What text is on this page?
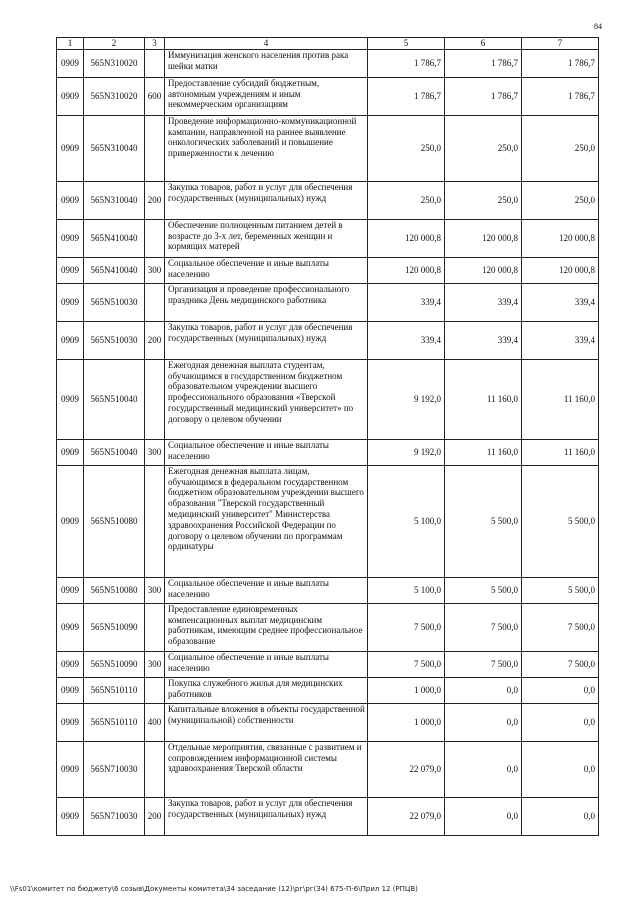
84
1	2	3	4	5	6	7
0909	565N310020		Иммунизация женского населения против рака шейки матки	1 786,7	1 786,7	1 786,7
0909	565N310020	600	Предоставление субсидий бюджетным, автономным учреждениям и иным некоммерческим организациям	1 786,7	1 786,7	1 786,7
0909	565N310040		Проведение информационно-коммуникационной кампании, направленной на раннее выявление онкологических заболеваний и повышение приверженности к лечению	250,0	250,0	250,0
0909	565N310040	200	Закупка товаров, работ и услуг для обеспечения государственных (муниципальных) нужд	250,0	250,0	250,0
0909	565N410040		Обеспечение полноценным питанием детей в возрасте до 3-х лет, беременных женщин и кормящих матерей	120 000,8	120 000,8	120 000,8
0909	565N410040	300	Социальное обеспечение и иные выплаты населению	120 000,8	120 000,8	120 000,8
0909	565N510030		Организация и проведение профессионального праздника День медицинского работника	339,4	339,4	339,4
0909	565N510030	200	Закупка товаров, работ и услуг для обеспечения государственных (муниципальных) нужд	339,4	339,4	339,4
0909	565N510040		Ежегодная денежная выплата студентам, обучающимся в государственном бюджетном образовательном учреждении высшего профессионального образования «Тверской государственный медицинский университет» по договору о целевом обучении	9 192,0	11 160,0	11 160,0
0909	565N510040	300	Социальное обеспечение и иные выплаты населению	9 192,0	11 160,0	11 160,0
0909	565N510080		Ежегодная денежная выплата лицам, обучающимся в федеральном государственном бюджетном образовательном учреждении высшего образования "Тверской государственный медицинский университет" Министерства здравоохранения Российской Федерации по договору о целевом обучении по программам ординатуры	5 100,0	5 500,0	5 500,0
0909	565N510080	300	Социальное обеспечение и иные выплаты населению	5 100,0	5 500,0	5 500,0
0909	565N510090		Предоставление единовременных компенсационных выплат медицинским работникам, имеющим среднее профессиональное образование	7 500,0	7 500,0	7 500,0
0909	565N510090	300	Социальное обеспечение и иные выплаты населению	7 500,0	7 500,0	7 500,0
0909	565N510110		Покупка служебного жилья для медицинских работников	1 000,0	0,0	0,0
0909	565N510110	400	Капитальные вложения в объекты государственной (муниципальной) собственности	1 000,0	0,0	0,0
0909	565N710030		Отдельные мероприятия, связанные с развитием и сопровождением информационной системы здравоохранения Тверской области	22 079,0	0,0	0,0
0909	565N710030	200	Закупка товаров, работ и услуг для обеспечения государственных (муниципальных) нужд	22 079,0	0,0	0,0
\\Fs01\комитет по бюджету\6 созыв\Документы комитета\34 заседание (12)\рг\рг(34) 675-П-6\Прил 12 (РПЦВ)
